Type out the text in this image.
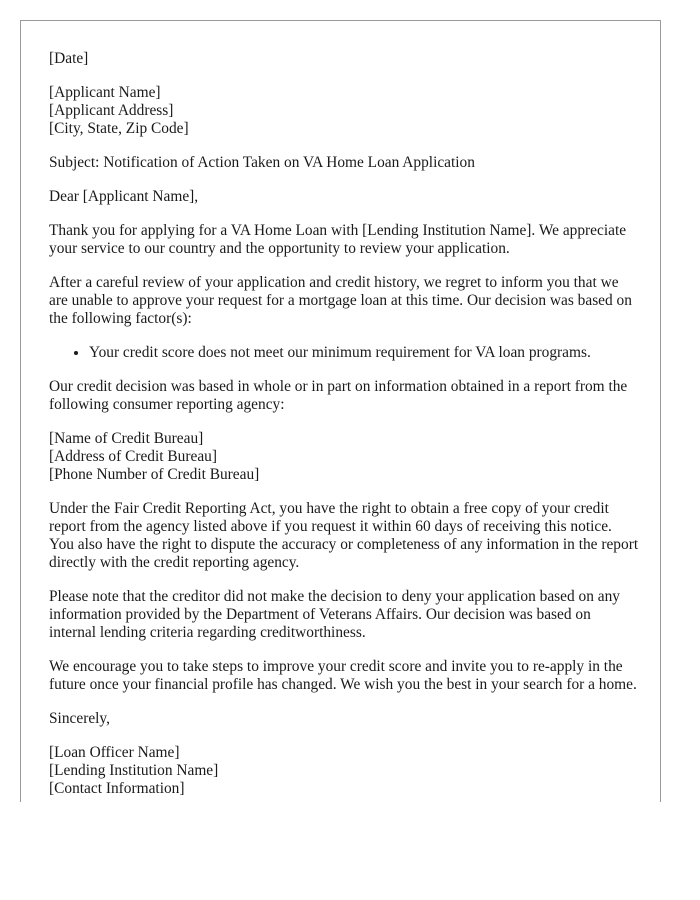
[Date]

[Applicant Name]
[Applicant Address]
[City, State, Zip Code]

Subject: Notification of Action Taken on VA Home Loan Application

Dear [Applicant Name],

Thank you for applying for a VA Home Loan with [Lending Institution Name]. We appreciate your service to our country and the opportunity to review your application.

After a careful review of your application and credit history, we regret to inform you that we are unable to approve your request for a mortgage loan at this time. Our decision was based on the following factor(s):

• Your credit score does not meet our minimum requirement for VA loan programs.

Our credit decision was based in whole or in part on information obtained in a report from the following consumer reporting agency:

[Name of Credit Bureau]
[Address of Credit Bureau]
[Phone Number of Credit Bureau]

Under the Fair Credit Reporting Act, you have the right to obtain a free copy of your credit report from the agency listed above if you request it within 60 days of receiving this notice. You also have the right to dispute the accuracy or completeness of any information in the report directly with the credit reporting agency.

Please note that the creditor did not make the decision to deny your application based on any information provided by the Department of Veterans Affairs. Our decision was based on internal lending criteria regarding creditworthiness.

We encourage you to take steps to improve your credit score and invite you to re-apply in the future once your financial profile has changed. We wish you the best in your search for a home.

Sincerely,

[Loan Officer Name]
[Lending Institution Name]
[Contact Information]
